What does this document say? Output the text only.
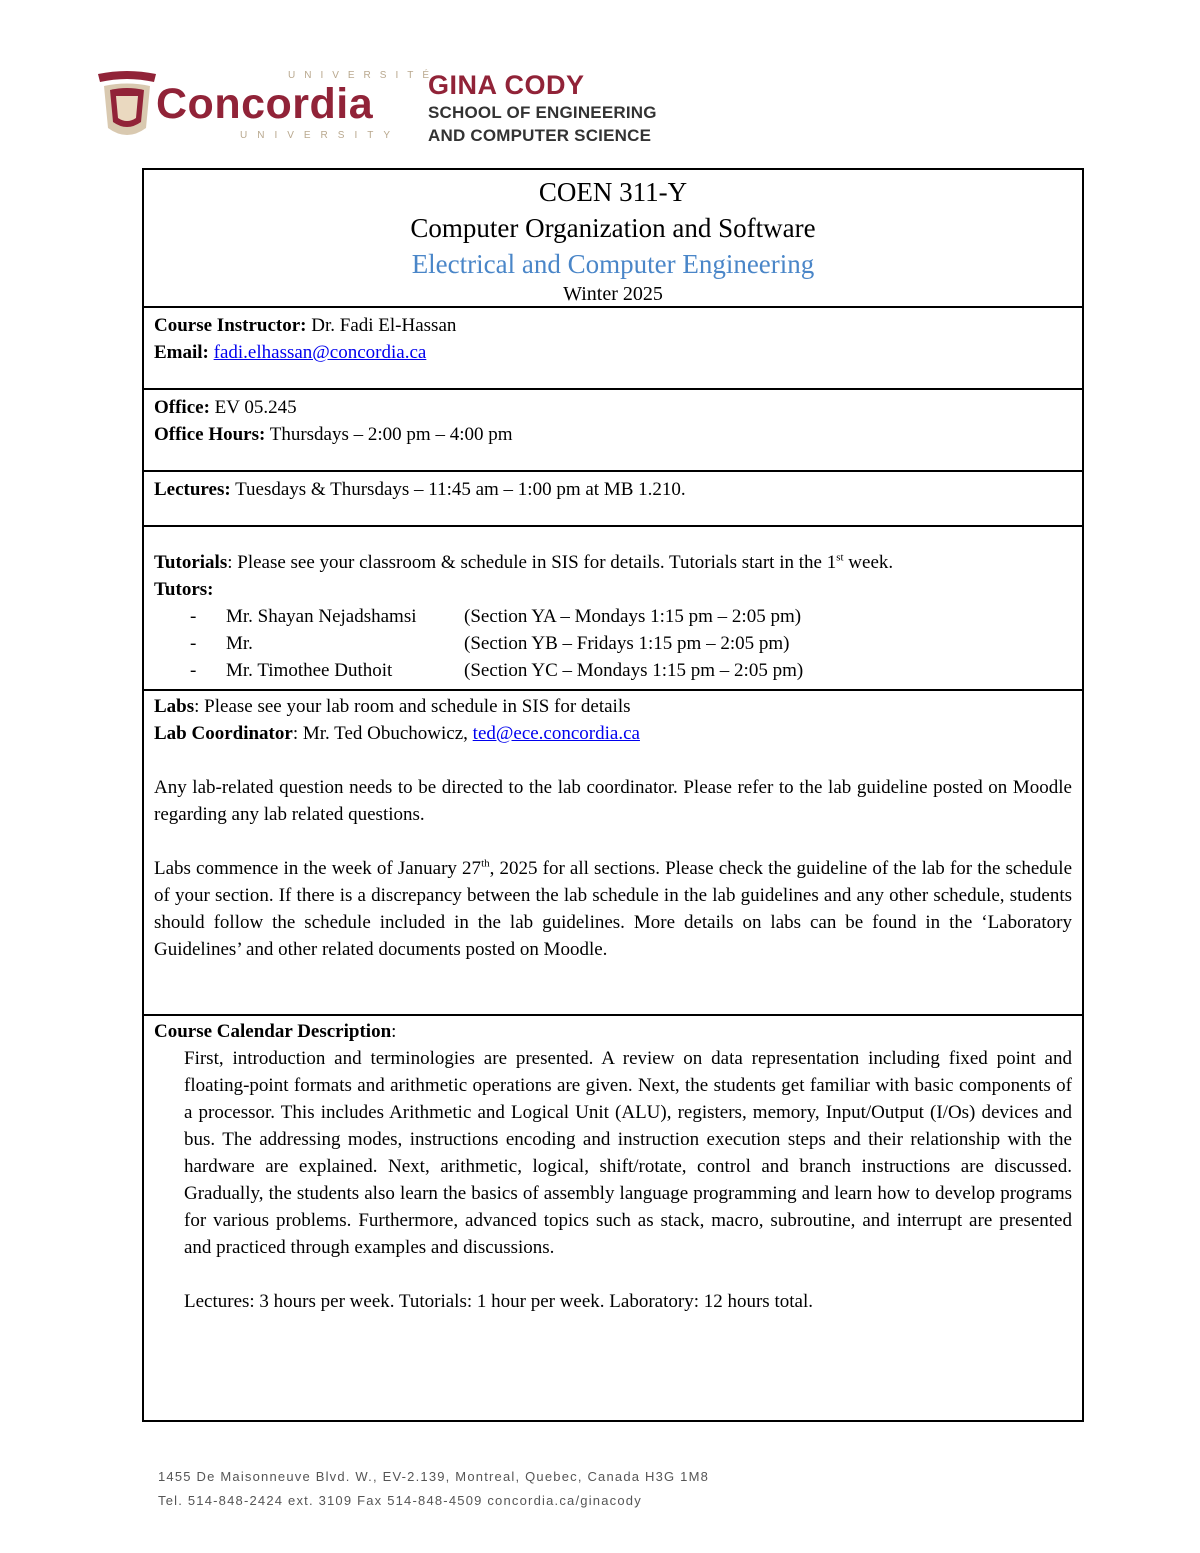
UNIVERSITÉ
Concordia
UNIVERSITY
GINA CODY
SCHOOL OF ENGINEERING
AND COMPUTER SCIENCE
COEN 311-Y
Computer Organization and Software
Electrical and Computer Engineering
Winter 2025
Course Instructor: Dr. Fadi El-Hassan
Email: fadi.elhassan@concordia.ca
Office: EV 05.245
Office Hours: Thursdays – 2:00 pm – 4:00 pm
Lectures: Tuesdays & Thursdays – 11:45 am – 1:00 pm at MB 1.210.
Tutorials: Please see your classroom & schedule in SIS for details. Tutorials start in the 1st week.
Tutors:
- Mr. Shayan Nejadshamsi (Section YA – Mondays 1:15 pm – 2:05 pm)
- Mr.	(Section YB – Fridays 1:15 pm – 2:05 pm)
- Mr. Timothee Duthoit	(Section YC – Mondays 1:15 pm – 2:05 pm)
Labs: Please see your lab room and schedule in SIS for details
Lab Coordinator: Mr. Ted Obuchowicz, ted@ece.concordia.ca
Any lab-related question needs to be directed to the lab coordinator. Please refer to the lab guideline posted on Moodle regarding any lab related questions.
Labs commence in the week of January 27th, 2025 for all sections. Please check the guideline of the lab for the schedule of your section. If there is a discrepancy between the lab schedule in the lab guidelines and any other schedule, students should follow the schedule included in the lab guidelines. More details on labs can be found in the ‘Laboratory Guidelines’ and other related documents posted on Moodle.
Course Calendar Description:
First, introduction and terminologies are presented. A review on data representation including fixed point and floating-point formats and arithmetic operations are given. Next, the students get familiar with basic components of a processor. This includes Arithmetic and Logical Unit (ALU), registers, memory, Input/Output (I/Os) devices and bus. The addressing modes, instructions encoding and instruction execution steps and their relationship with the hardware are explained. Next, arithmetic, logical, shift/rotate, control and branch instructions are discussed. Gradually, the students also learn the basics of assembly language programming and learn how to develop programs for various problems. Furthermore, advanced topics such as stack, macro, subroutine, and interrupt are presented and practiced through examples and discussions.
Lectures: 3 hours per week. Tutorials: 1 hour per week. Laboratory: 12 hours total.
1455 De Maisonneuve Blvd. W., EV-2.139, Montreal, Quebec, Canada H3G 1M8
Tel. 514-848-2424 ext. 3109 Fax 514-848-4509 concordia.ca/ginacody
